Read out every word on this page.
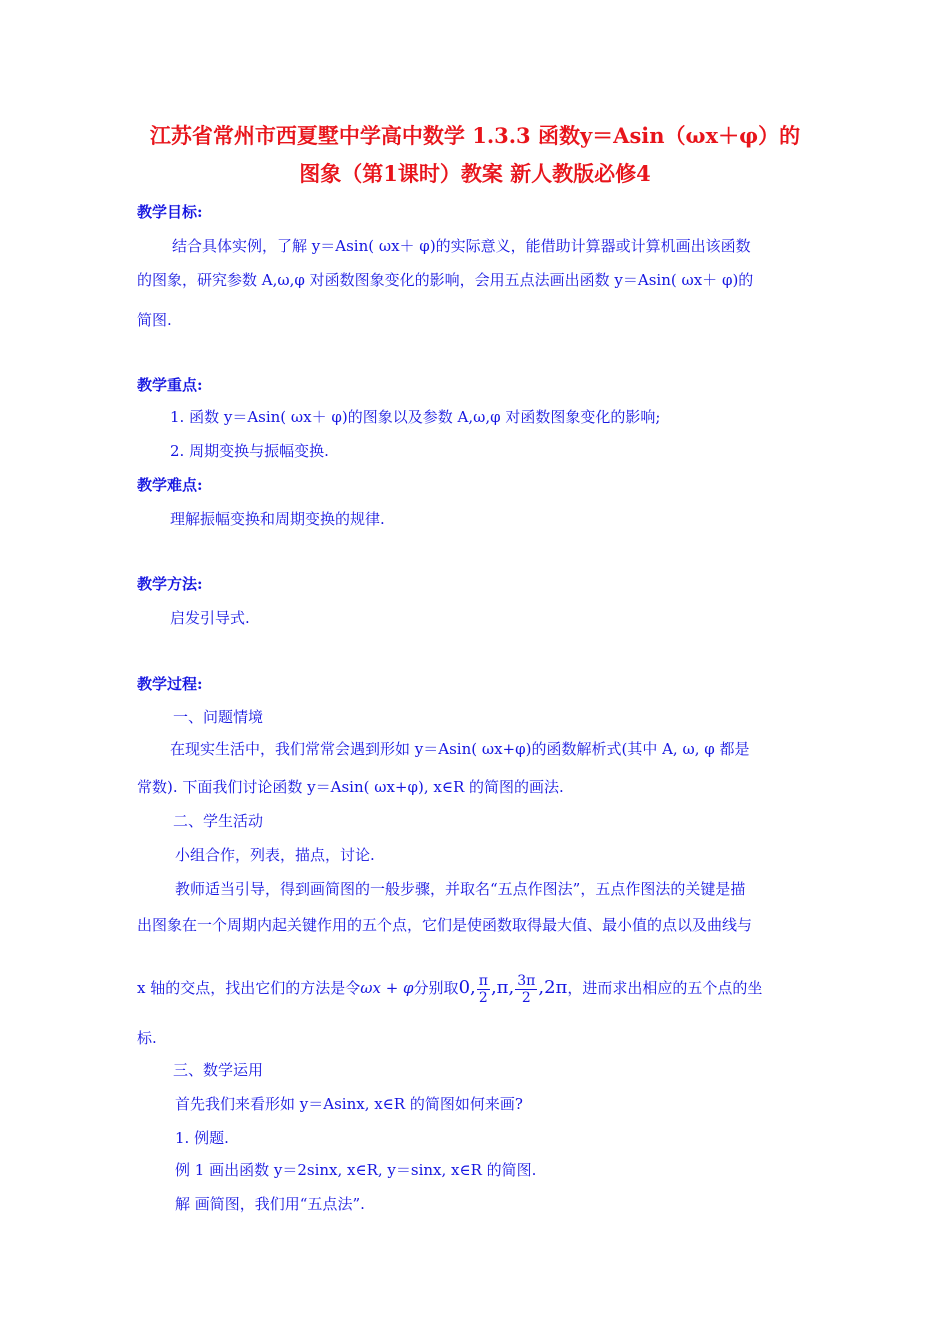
江苏省常州市西夏墅中学高中数学 1.3.3 函数y＝Asin（ωx＋φ）的
图象（第1课时）教案 新人教版必修4
教学目标:
结合具体实例，了解 y＝Asin( ωx＋ φ)的实际意义，能借助计算器或计算机画出该函数
的图象，研究参数 A,ω,φ 对函数图象变化的影响，会用五点法画出函数 y＝Asin( ωx＋ φ)的
简图.
教学重点:
1. 函数 y＝Asin( ωx＋ φ)的图象以及参数 A,ω,φ 对函数图象变化的影响;
2. 周期变换与振幅变换.
教学难点:
理解振幅变换和周期变换的规律.
教学方法:
启发引导式.
教学过程:
一、问题情境
在现实生活中，我们常常会遇到形如 y＝Asin( ωx+φ)的函数解析式(其中 A, ω, φ 都是
常数). 下面我们讨论函数 y＝Asin( ωx+φ), x∈R 的简图的画法.
二、学生活动
小组合作，列表，描点，讨论.
教师适当引导，得到画简图的一般步骤，并取名“五点作图法”，五点作图法的关键是描
出图象在一个周期内起关键作用的五个点，它们是使函数取得最大值、最小值的点以及曲线与
x 轴的交点，找出它们的方法是令ωx + φ分别取0, $\frac{\pi}{2} ,\pi$, $\frac{3\pi}{2} ,2\pi$，进而求出相应的五个点的坐
标.
三、数学运用
首先我们来看形如 y＝Asinx, x∈R 的简图如何来画?
1. 例题.
例 1 画出函数 y＝2sinx, x∈R, y＝sinx, x∈R 的简图.
解 画简图，我们用“五点法”.
